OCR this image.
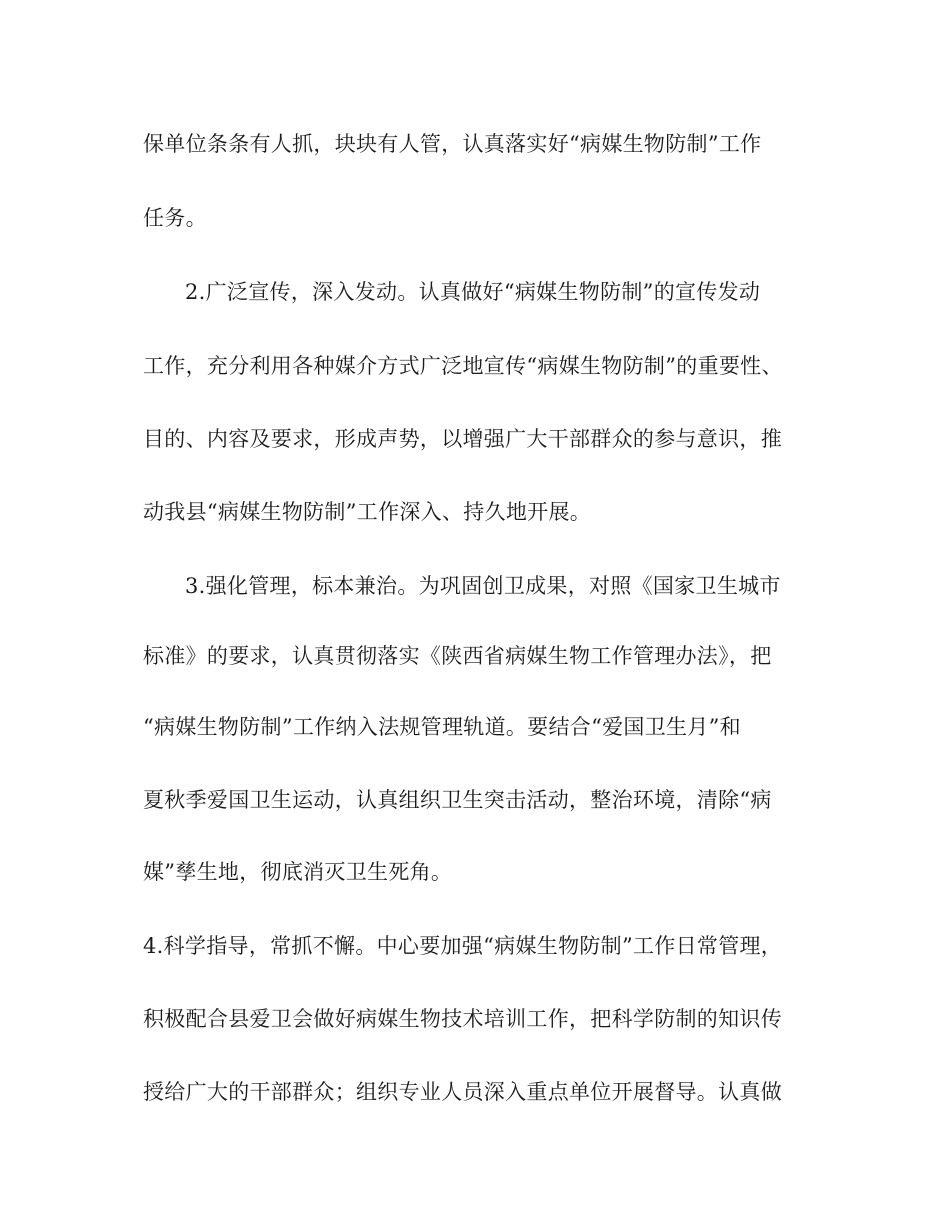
保单位条条有人抓，块块有人管，认真落实好“病媒生物防制”工作
任务。
2.广泛宣传，深入发动。认真做好“病媒生物防制”的宣传发动
工作，充分利用各种媒介方式广泛地宣传“病媒生物防制”的重要性、
目的、内容及要求，形成声势，以增强广大干部群众的参与意识，推
动我县“病媒生物防制”工作深入、持久地开展。
3.强化管理，标本兼治。为巩固创卫成果，对照《国家卫生城市
标准》的要求，认真贯彻落实《陕西省病媒生物工作管理办法》，把
“病媒生物防制”工作纳入法规管理轨道。要结合“爱国卫生月”和
夏秋季爱国卫生运动，认真组织卫生突击活动，整治环境，清除“病
媒”孳生地，彻底消灭卫生死角。
4.科学指导，常抓不懈。中心要加强“病媒生物防制”工作日常管理，
积极配合县爱卫会做好病媒生物技术培训工作，把科学防制的知识传
授给广大的干部群众；组织专业人员深入重点单位开展督导。认真做
